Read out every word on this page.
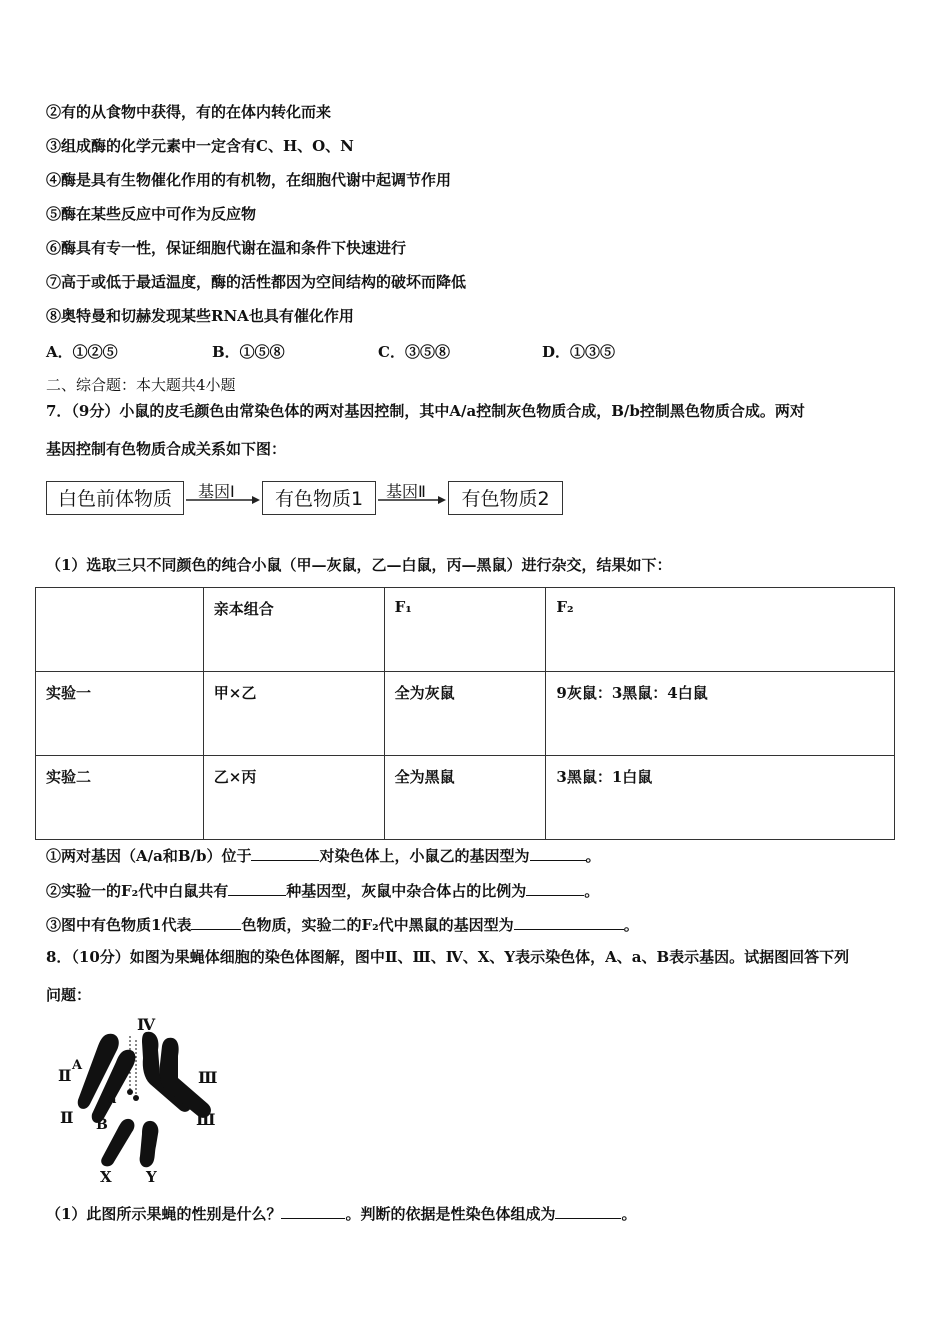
②有的从食物中获得，有的在体内转化而来
③组成酶的化学元素中一定含有C、H、O、N
④酶是具有生物催化作用的有机物，在细胞代谢中起调节作用
⑤酶在某些反应中可作为反应物
⑥酶具有专一性，保证细胞代谢在温和条件下快速进行
⑦高于或低于最适温度，酶的活性都因为空间结构的破坏而降低
⑧奥特曼和切赫发现某些RNA也具有催化作用
A．①②⑤	B．①⑤⑧	C．③⑤⑧	D．①③⑤
二、综合题：本大题共4小题
7．（9分）小鼠的皮毛颜色由常染色体的两对基因控制，其中A/a控制灰色物质合成，B/b控制黑色物质合成。两对
基因控制有色物质合成关系如下图：
白色前体物质	基因Ⅰ	有色物质1	基因Ⅱ	有色物质2
（1）选取三只不同颜色的纯合小鼠（甲—灰鼠，乙—白鼠，丙—黑鼠）进行杂交，结果如下：
	亲本组合	F₁	F₂
实验一	甲×乙	全为灰鼠	9灰鼠：3黑鼠：4白鼠
实验二	乙×丙	全为黑鼠	3黑鼠：1白鼠
①两对基因（A/a和B/b）位于	对染色体上，小鼠乙的基因型为	。
②实验一的F₂代中白鼠共有	种基因型，灰鼠中杂合体占的比例为	。
③图中有色物质1代表	色物质，实验二的F₂代中黑鼠的基因型为	。
8．（10分）如图为果蝇体细胞的染色体图解，图中Ⅱ、Ⅲ、Ⅳ、X、Y表示染色体，A、a、B表示基因。试据图回答下列
问题：
Ⅳ
Ⅱ
A
a
Ⅱ B
Ⅲ
Ⅲ
X Y
（1）此图所示果蝇的性别是什么？	。判断的依据是性染色体组成为	。
